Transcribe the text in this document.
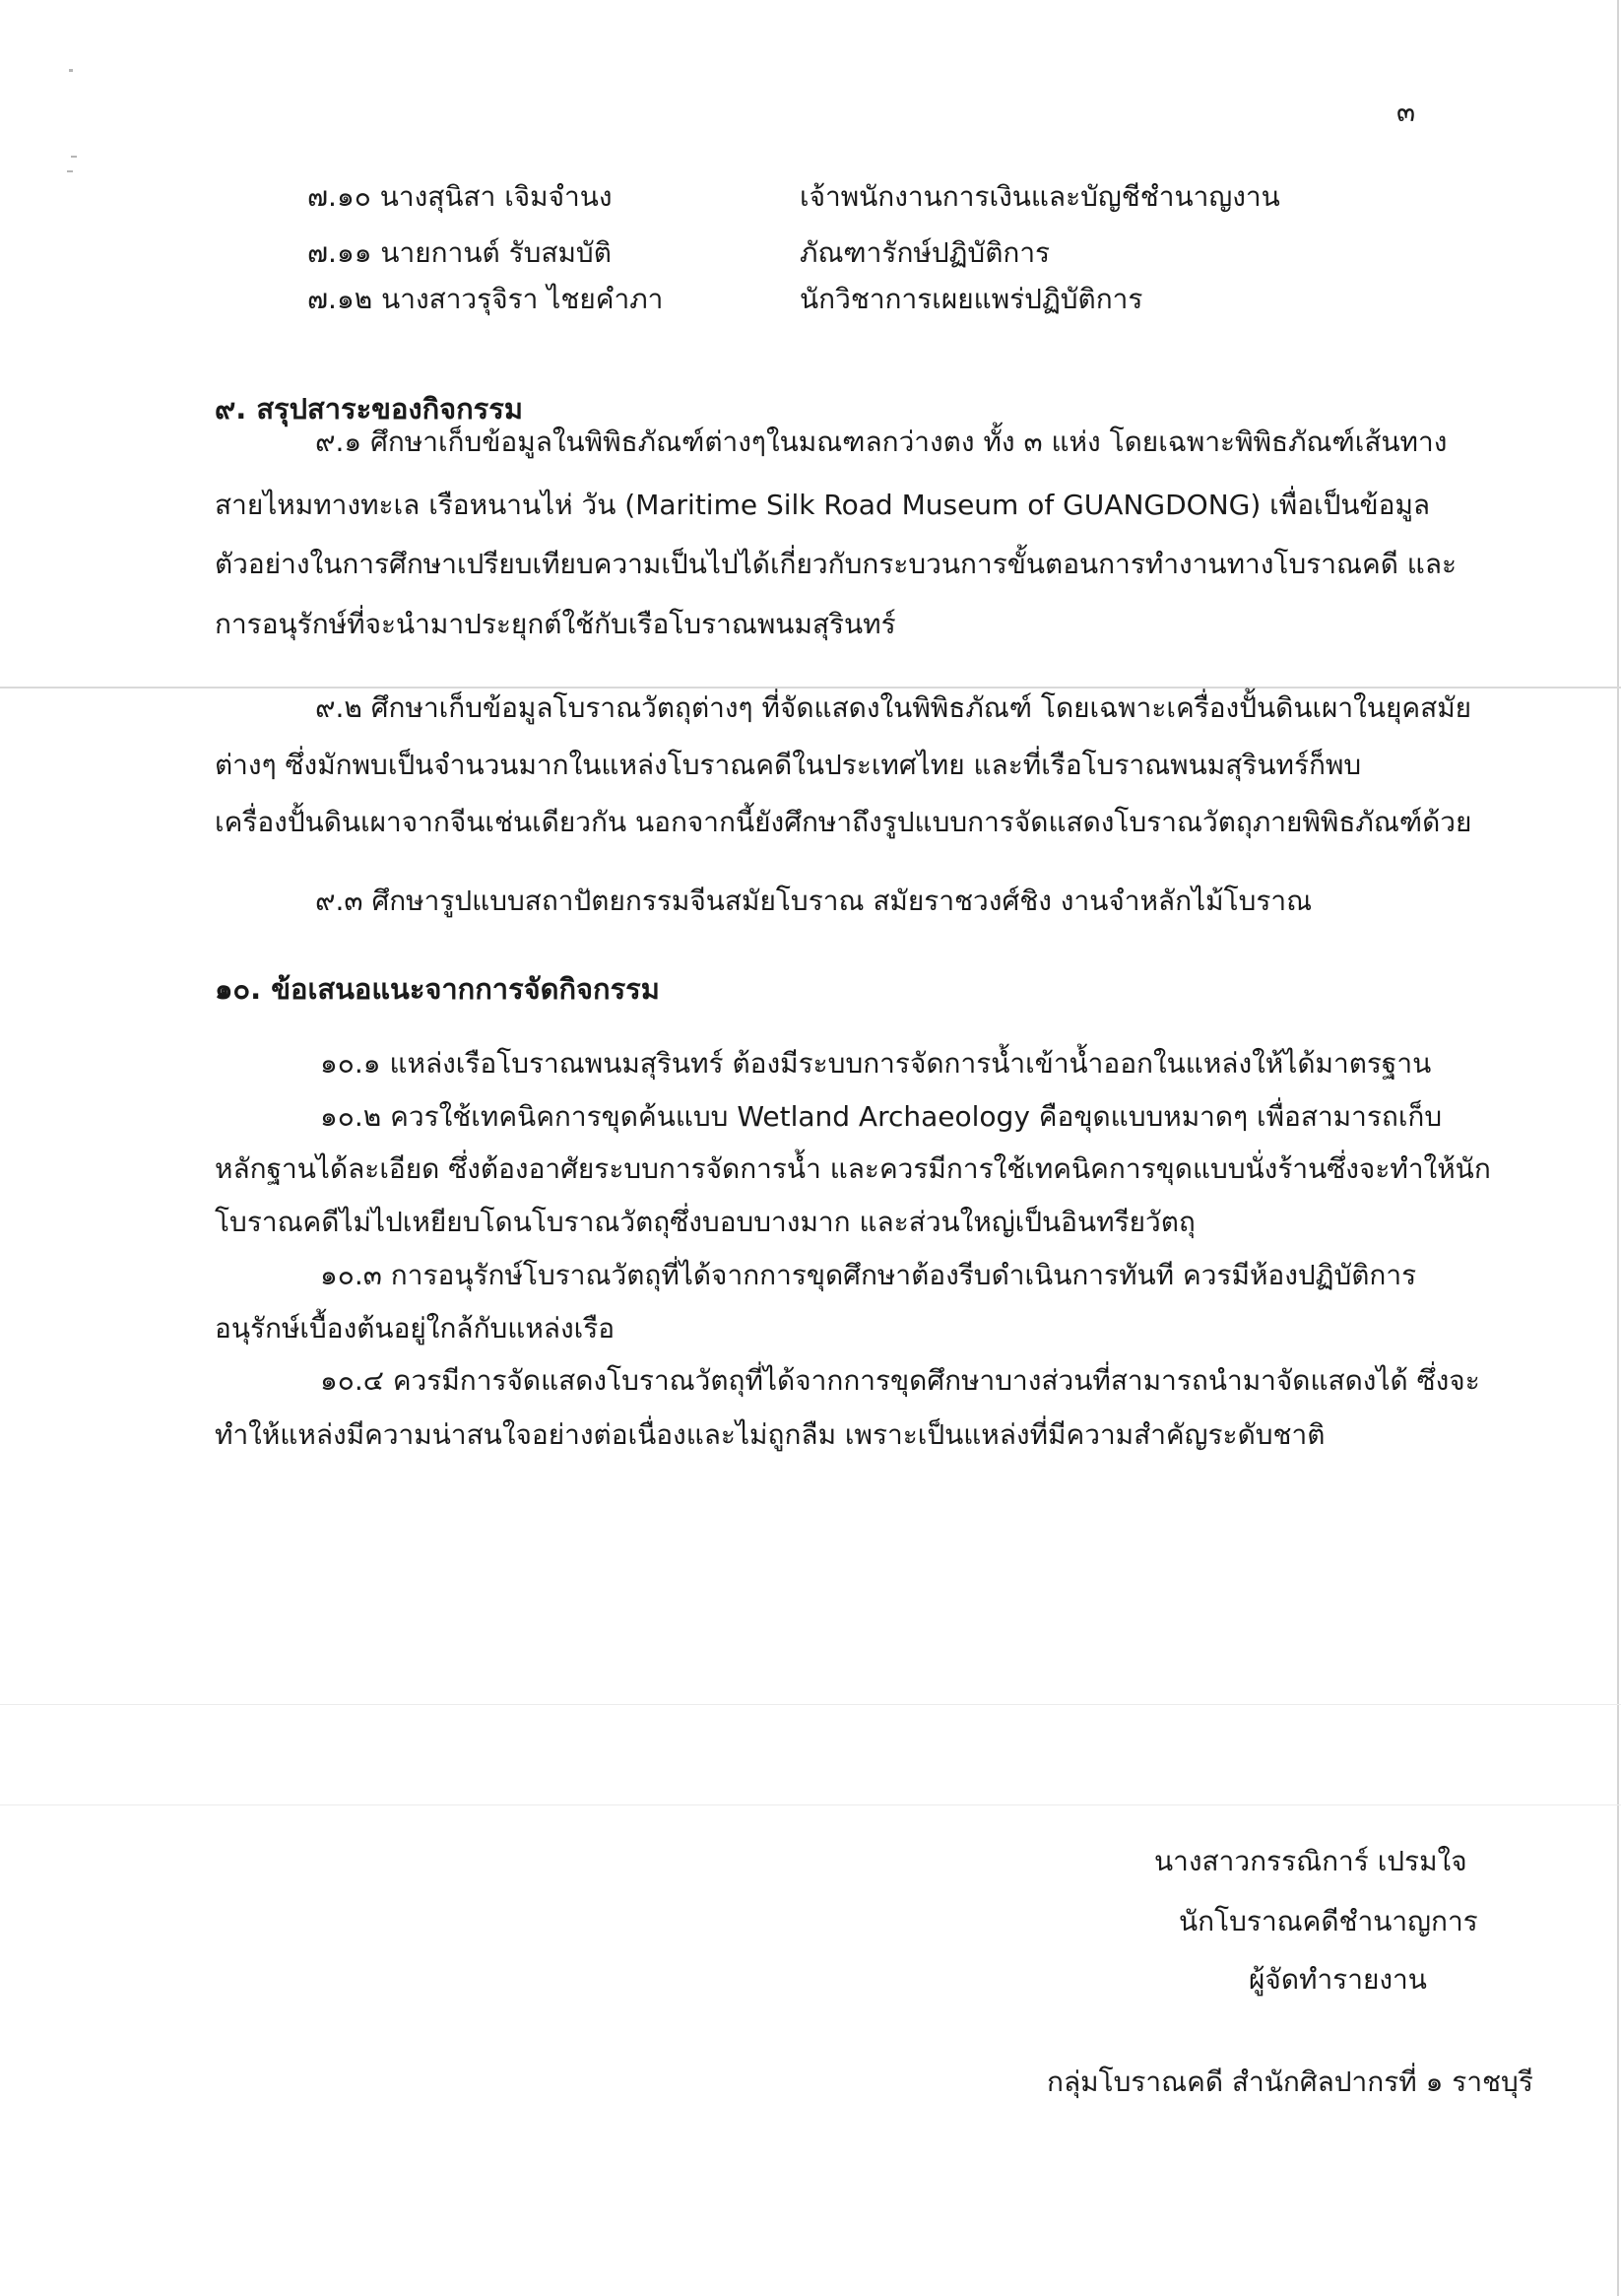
๓
๗.๑๐ นางสุนิสา เจิมจำนง	เจ้าพนักงานการเงินและบัญชีชำนาญงาน
๗.๑๑ นายกานต์ รับสมบัติ	ภัณฑารักษ์ปฏิบัติการ
๗.๑๒ นางสาวรุจิรา ไชยคำภา	นักวิชาการเผยแพร่ปฏิบัติการ
๙. สรุปสาระของกิจกรรม
๙.๑ ศึกษาเก็บข้อมูลในพิพิธภัณฑ์ต่างๆในมณฑลกว่างตง ทั้ง ๓ แห่ง โดยเฉพาะพิพิธภัณฑ์เส้นทาง
สายไหมทางทะเล เรือหนานไห่ วัน (Maritime Silk Road Museum of GUANGDONG) เพื่อเป็นข้อมูล
ตัวอย่างในการศึกษาเปรียบเทียบความเป็นไปได้เกี่ยวกับกระบวนการขั้นตอนการทำงานทางโบราณคดี และ
การอนุรักษ์ที่จะนำมาประยุกต์ใช้กับเรือโบราณพนมสุรินทร์
๙.๒ ศึกษาเก็บข้อมูลโบราณวัตถุต่างๆ ที่จัดแสดงในพิพิธภัณฑ์ โดยเฉพาะเครื่องปั้นดินเผาในยุคสมัย
ต่างๆ ซึ่งมักพบเป็นจำนวนมากในแหล่งโบราณคดีในประเทศไทย และที่เรือโบราณพนมสุรินทร์ก็พบ
เครื่องปั้นดินเผาจากจีนเช่นเดียวกัน นอกจากนี้ยังศึกษาถึงรูปแบบการจัดแสดงโบราณวัตถุภายพิพิธภัณฑ์ด้วย
๙.๓ ศึกษารูปแบบสถาปัตยกรรมจีนสมัยโบราณ สมัยราชวงศ์ชิง งานจำหลักไม้โบราณ
๑๐. ข้อเสนอแนะจากการจัดกิจกรรม
๑๐.๑ แหล่งเรือโบราณพนมสุรินทร์ ต้องมีระบบการจัดการน้ำเข้าน้ำออกในแหล่งให้ได้มาตรฐาน
๑๐.๒ ควรใช้เทคนิคการขุดค้นแบบ Wetland Archaeology คือขุดแบบหมาดๆ เพื่อสามารถเก็บ
หลักฐานได้ละเอียด ซึ่งต้องอาศัยระบบการจัดการน้ำ และควรมีการใช้เทคนิคการขุดแบบนั่งร้านซึ่งจะทำให้นัก
โบราณคดีไม่ไปเหยียบโดนโบราณวัตถุซึ่งบอบบางมาก และส่วนใหญ่เป็นอินทรียวัตถุ
๑๐.๓ การอนุรักษ์โบราณวัตถุที่ได้จากการขุดศึกษาต้องรีบดำเนินการทันที ควรมีห้องปฏิบัติการ
อนุรักษ์เบื้องต้นอยู่ใกล้กับแหล่งเรือ
๑๐.๔ ควรมีการจัดแสดงโบราณวัตถุที่ได้จากการขุดศึกษาบางส่วนที่สามารถนำมาจัดแสดงได้ ซึ่งจะ
ทำให้แหล่งมีความน่าสนใจอย่างต่อเนื่องและไม่ถูกลืม เพราะเป็นแหล่งที่มีความสำคัญระดับชาติ
นางสาวกรรณิการ์ เปรมใจ
นักโบราณคดีชำนาญการ
ผู้จัดทำรายงาน
กลุ่มโบราณคดี สำนักศิลปากรที่ ๑ ราชบุรี
